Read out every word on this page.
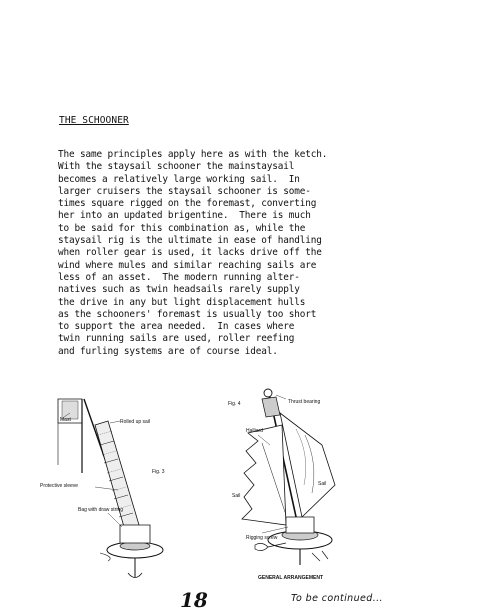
THE SCHOONER
The same principles apply here as with the ketch.
With the staysail schooner the mainstaysail
becomes a relatively large working sail.  In
larger cruisers the staysail schooner is some-
times square rigged on the foremast, converting
her into an updated brigentine.  There is much
to be said for this combination as, while the
staysail rig is the ultimate in ease of handling
when roller gear is used, it lacks drive off the
wind where mules and similar reaching sails are
less of an asset.  The modern running alter-
natives such as twin headsails rarely supply
the drive in any but light displacement hulls
as the schooners' foremast is usually too short
to support the area needed.  In cases where
twin running sails are used, roller reefing
and furling systems are of course ideal.
Mast	Rolled up sail
Fig. 3
Protective sleeve
Bag with draw string
Fig. 4	Thrust bearing
Halliard
Sail
Sail
Rigging screw
GENERAL ARRANGEMENT
18	To be continued...
